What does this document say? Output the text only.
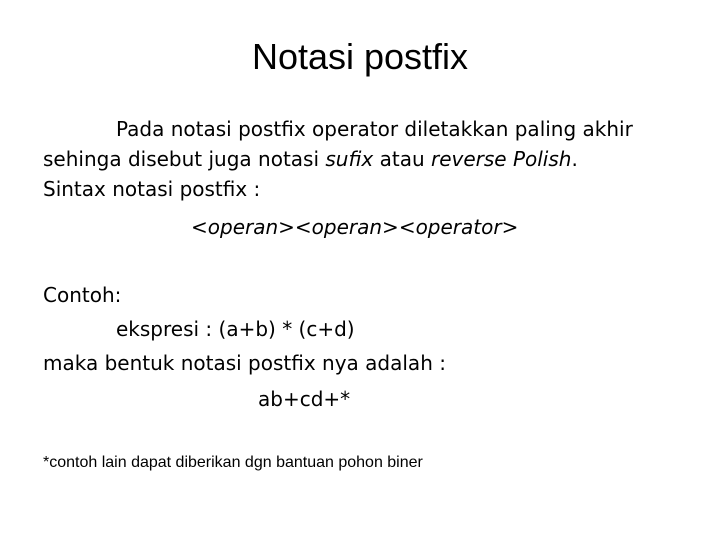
Notasi postfix
Pada notasi postfix operator diletakkan paling akhir
sehinga disebut juga notasi sufix atau reverse Polish.
Sintax notasi postfix :
<operan><operan><operator>
Contoh:
ekspresi : (a+b) * (c+d)
maka bentuk notasi postfix nya adalah :
ab+cd+*
*contoh lain dapat diberikan dgn bantuan pohon biner
